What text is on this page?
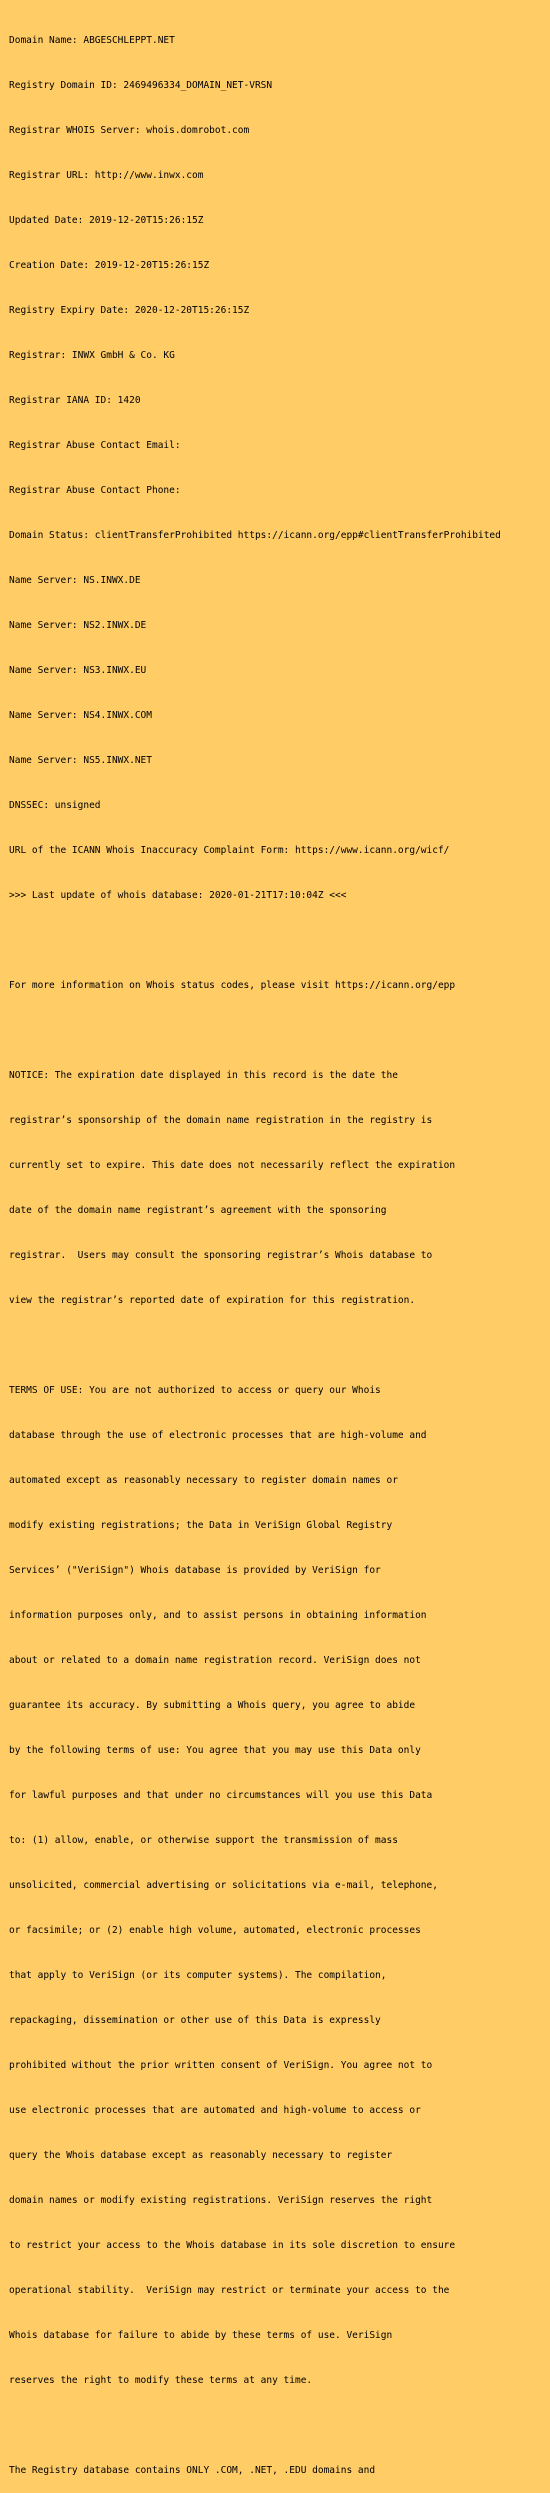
Domain Name: ABGESCHLEPPT.NET

Registry Domain ID: 2469496334_DOMAIN_NET-VRSN

Registrar WHOIS Server: whois.domrobot.com

Registrar URL: http://www.inwx.com

Updated Date: 2019-12-20T15:26:15Z

Creation Date: 2019-12-20T15:26:15Z

Registry Expiry Date: 2020-12-20T15:26:15Z

Registrar: INWX GmbH & Co. KG

Registrar IANA ID: 1420

Registrar Abuse Contact Email:

Registrar Abuse Contact Phone:

Domain Status: clientTransferProhibited https://icann.org/epp#clientTransferProhibited

Name Server: NS.INWX.DE

Name Server: NS2.INWX.DE

Name Server: NS3.INWX.EU

Name Server: NS4.INWX.COM

Name Server: NS5.INWX.NET

DNSSEC: unsigned

URL of the ICANN Whois Inaccuracy Complaint Form: https://www.icann.org/wicf/

>>> Last update of whois database: 2020-01-21T17:10:04Z <<<

For more information on Whois status codes, please visit https://icann.org/epp

NOTICE: The expiration date displayed in this record is the date the

registrar’s sponsorship of the domain name registration in the registry is

currently set to expire. This date does not necessarily reflect the expiration

date of the domain name registrant’s agreement with the sponsoring

registrar.  Users may consult the sponsoring registrar’s Whois database to

view the registrar’s reported date of expiration for this registration.

TERMS OF USE: You are not authorized to access or query our Whois

database through the use of electronic processes that are high-volume and

automated except as reasonably necessary to register domain names or

modify existing registrations; the Data in VeriSign Global Registry

Services’ ("VeriSign") Whois database is provided by VeriSign for

information purposes only, and to assist persons in obtaining information

about or related to a domain name registration record. VeriSign does not

guarantee its accuracy. By submitting a Whois query, you agree to abide

by the following terms of use: You agree that you may use this Data only

for lawful purposes and that under no circumstances will you use this Data

to: (1) allow, enable, or otherwise support the transmission of mass

unsolicited, commercial advertising or solicitations via e-mail, telephone,

or facsimile; or (2) enable high volume, automated, electronic processes

that apply to VeriSign (or its computer systems). The compilation,

repackaging, dissemination or other use of this Data is expressly

prohibited without the prior written consent of VeriSign. You agree not to

use electronic processes that are automated and high-volume to access or

query the Whois database except as reasonably necessary to register

domain names or modify existing registrations. VeriSign reserves the right

to restrict your access to the Whois database in its sole discretion to ensure

operational stability.  VeriSign may restrict or terminate your access to the

Whois database for failure to abide by these terms of use. VeriSign

reserves the right to modify these terms at any time.

The Registry database contains ONLY .COM, .NET, .EDU domains and
